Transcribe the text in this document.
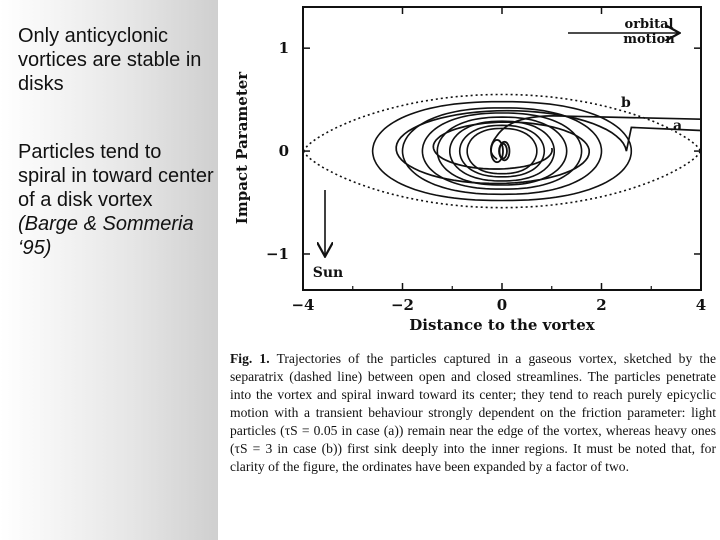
Only anticyclonic vortices are stable in disks
Particles tend to spiral in toward center of a disk vortex (Barge & Sommeria ‘95)
−4	−2	0	2	4
1
0
−1
Distance to the vortex
Impact Parameter
orbital
motion
Sun
a
b
Fig. 1. Trajectories of the particles captured in a gaseous vortex, sketched by the separatrix (dashed line) between open and closed streamlines. The particles penetrate into the vortex and spiral inward toward its center; they tend to reach purely epicyclic motion with a transient behaviour strongly dependent on the friction parameter: light particles (τS = 0.05 in case (a)) remain near the edge of the vortex, whereas heavy ones (τS = 3 in case (b)) first sink deeply into the inner regions. It must be noted that, for clarity of the figure, the ordinates have been expanded by a factor of two.
